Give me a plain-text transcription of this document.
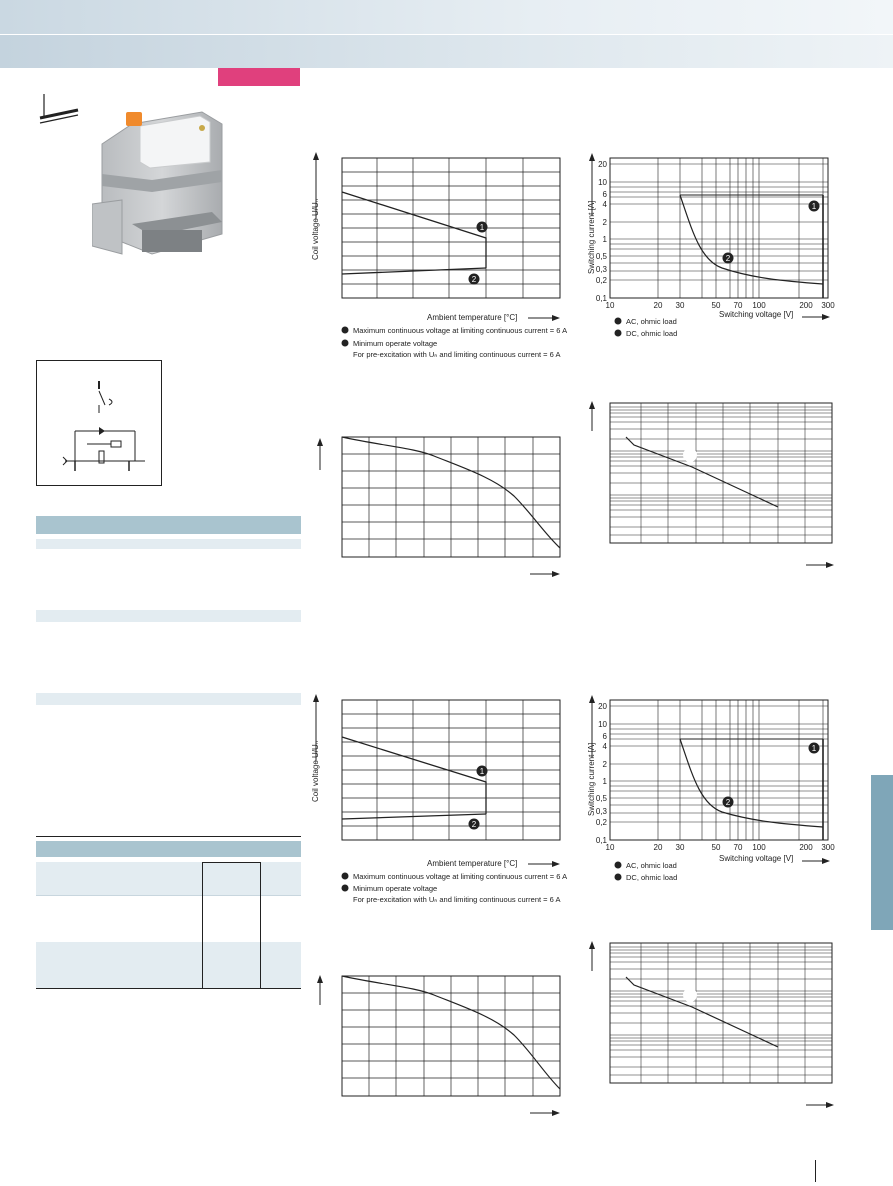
Coil voltage U/Uₙ	1
2
Ambient temperature [°C]
Maximum continuous voltage at limiting continuous current = 6 A
Minimum operate voltage
For pre-excitation with Uₙ and limiting continuous current = 6 A
Switching current [A]	1
2
20
10
6
4
2
1
0,5
0,3
0,2
0,1
10	20 30	50 70 100	200 300
Switching voltage [V]
AC, ohmic load
DC, ohmic load
Coil voltage U/Uₙ	1
2
Ambient temperature [°C]
Maximum continuous voltage at limiting continuous current = 6 A
Minimum operate voltage
For pre-excitation with Uₙ and limiting continuous current = 6 A
Switching current [A]	1
2
20
10
6
4
2
1
0,5
0,3
0,2
0,1
10	20 30	50 70 100	200 300
Switching voltage [V]
AC, ohmic load
DC, ohmic load
